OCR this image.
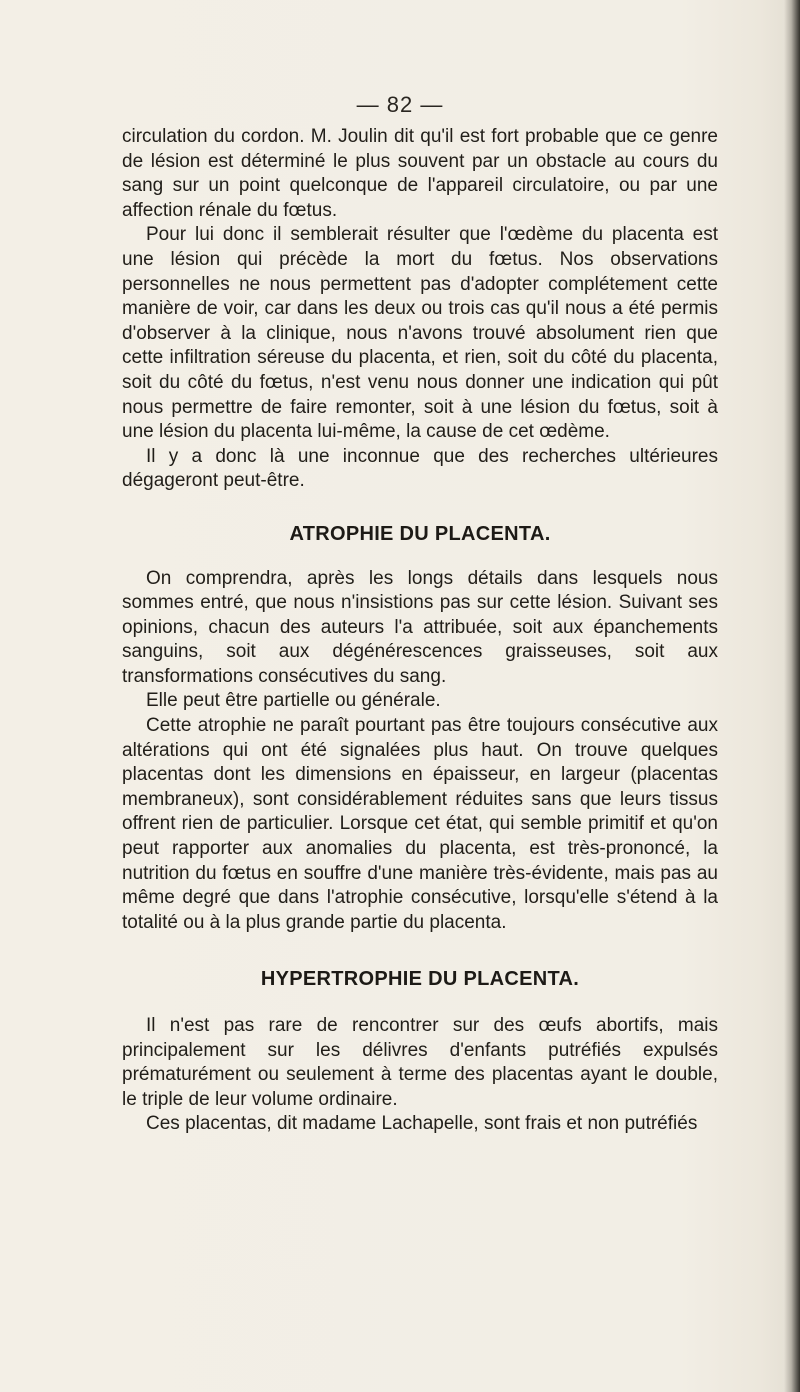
— 82 —

circulation du cordon. M. Joulin dit qu'il est fort probable que ce genre de lésion est déterminé le plus souvent par un obstacle au cours du sang sur un point quelconque de l'appareil circulatoire, ou par une affection rénale du fœtus.

Pour lui donc il semblerait résulter que l'œdème du placenta est une lésion qui précède la mort du fœtus. Nos observations personnelles ne nous permettent pas d'adopter complétement cette manière de voir, car dans les deux ou trois cas qu'il nous a été permis d'observer à la clinique, nous n'avons trouvé absolument rien que cette infiltration séreuse du placenta, et rien, soit du côté du placenta, soit du côté du fœtus, n'est venu nous donner une indication qui pût nous permettre de faire remonter, soit à une lésion du fœtus, soit à une lésion du placenta lui-même, la cause de cet œdème.

Il y a donc là une inconnue que des recherches ultérieures dégageront peut-être.

ATROPHIE DU PLACENTA.

On comprendra, après les longs détails dans lesquels nous sommes entré, que nous n'insistions pas sur cette lésion. Suivant ses opinions, chacun des auteurs l'a attribuée, soit aux épanchements sanguins, soit aux dégénérescences graisseuses, soit aux transformations consécutives du sang.

Elle peut être partielle ou générale.

Cette atrophie ne paraît pourtant pas être toujours consécutive aux altérations qui ont été signalées plus haut. On trouve quelques placentas dont les dimensions en épaisseur, en largeur (placentas membraneux), sont considérablement réduites sans que leurs tissus offrent rien de particulier. Lorsque cet état, qui semble primitif et qu'on peut rapporter aux anomalies du placenta, est très-prononcé, la nutrition du fœtus en souffre d'une manière très-évidente, mais pas au même degré que dans l'atrophie consécutive, lorsqu'elle s'étend à la totalité ou à la plus grande partie du placenta.

HYPERTROPHIE DU PLACENTA.

Il n'est pas rare de rencontrer sur des œufs abortifs, mais principalement sur les délivres d'enfants putréfiés expulsés prématurément ou seulement à terme des placentas ayant le double, le triple de leur volume ordinaire.

Ces placentas, dit madame Lachapelle, sont frais et non putréfiés
